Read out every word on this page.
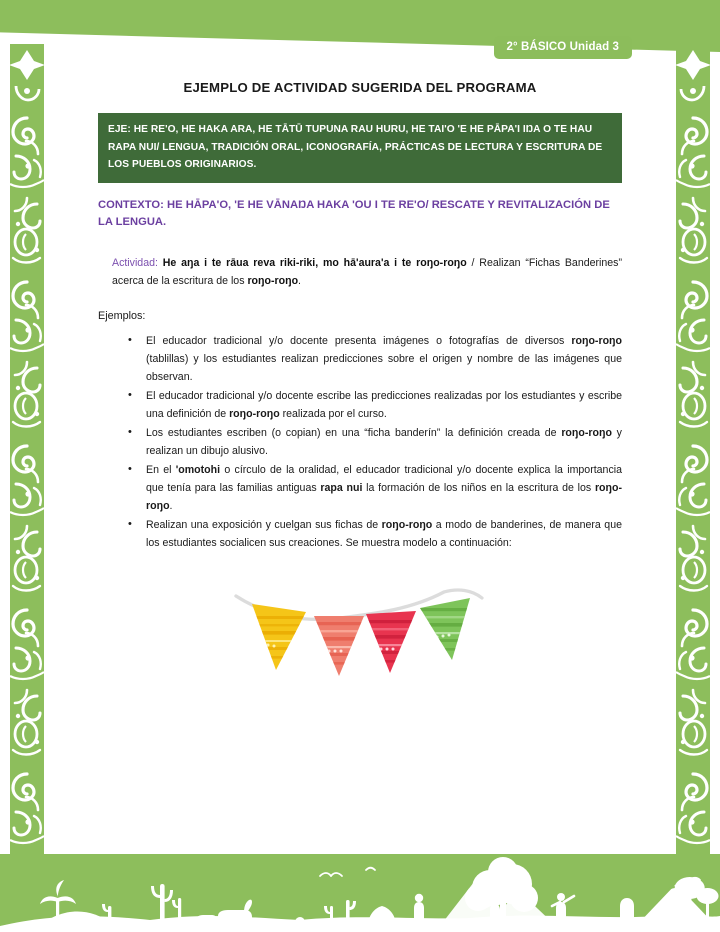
2° BÁSICO Unidad 3
EJEMPLO DE ACTIVIDAD SUGERIDA DEL PROGRAMA
EJE: HE RE'O, HE HAKA ARA, HE TĀTŪ TUPUNA RAU HURU, HE TAI'O 'E HE PĀPA'I IŊA O TE HAU RAPA NUI/ LENGUA, TRADICIÓN ORAL, ICONOGRAFÍA, PRÁCTICAS DE LECTURA Y ESCRITURA DE LOS PUEBLOS ORIGINARIOS.
CONTEXTO: HE HĀPA'O, 'E HE VĀNAŊA HAKA 'OU I TE RE'O/ RESCATE Y REVITALIZACIÓN DE LA LENGUA.
Actividad: He aŋa i te rāua reva riki-riki, mo hā'aura'a i te roŋo-roŋo / Realizan “Fichas Banderines” acerca de la escritura de los roŋo-roŋo.
Ejemplos:
• El educador tradicional y/o docente presenta imágenes o fotografías de diversos roŋo-roŋo (tablillas) y los estudiantes realizan predicciones sobre el origen y nombre de las imágenes que observan.
• El educador tradicional y/o docente escribe las predicciones realizadas por los estudiantes y escribe una definición de roŋo-roŋo realizada por el curso.
• Los estudiantes escriben (o copian) en una “ficha banderín” la definición creada de roŋo-roŋo y realizan un dibujo alusivo.
• En el 'omotohi o círculo de la oralidad, el educador tradicional y/o docente explica la importancia que tenía para las familias antiguas rapa nui la formación de los niños en la escritura de los roŋo-roŋo.
• Realizan una exposición y cuelgan sus fichas de roŋo-roŋo a modo de banderines, de manera que los estudiantes socialicen sus creaciones. Se muestra modelo a continuación:
